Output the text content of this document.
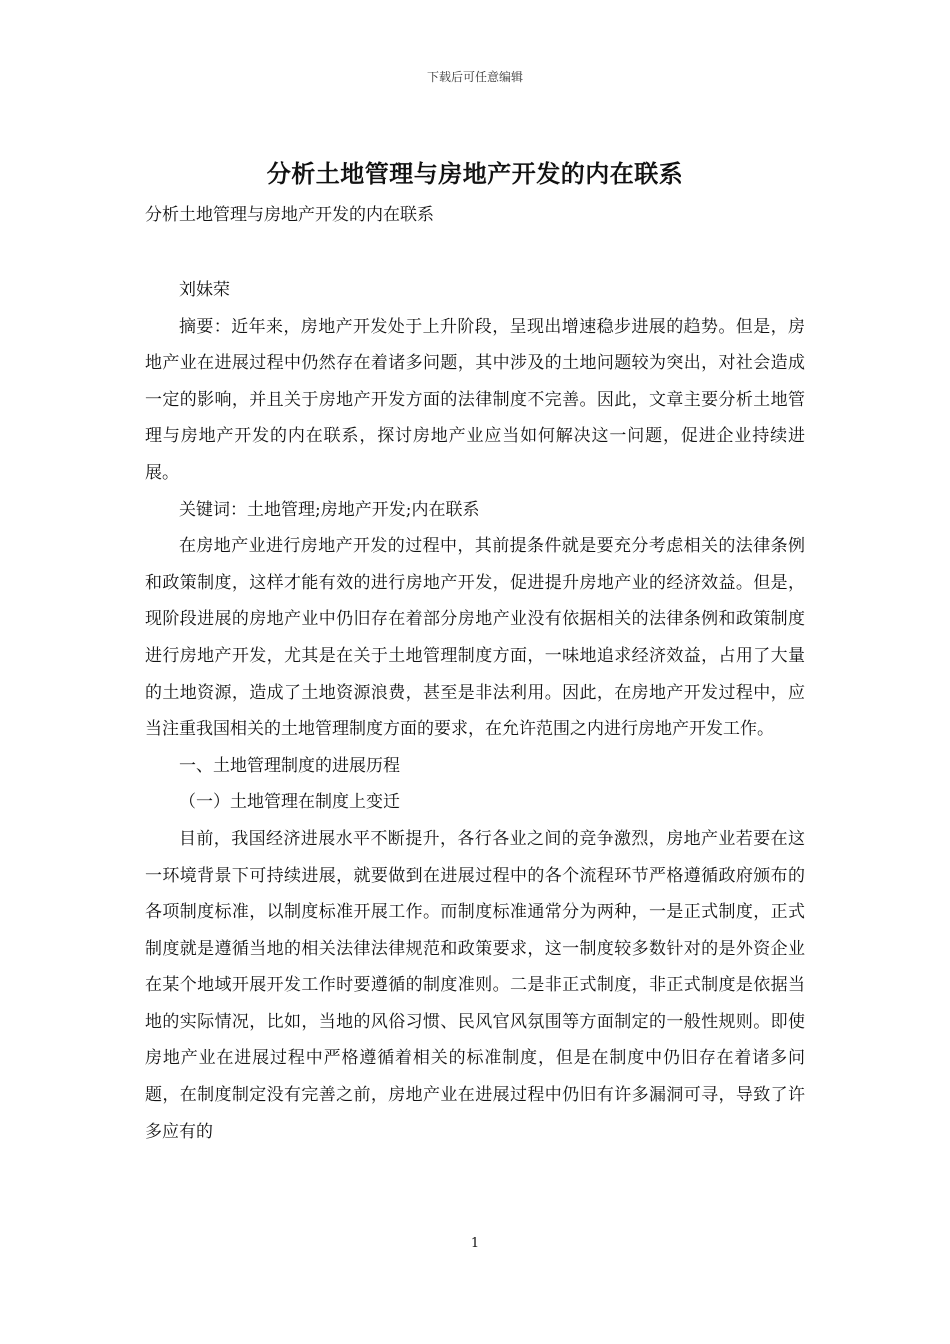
下载后可任意编辑
分析土地管理与房地产开发的内在联系
分析土地管理与房地产开发的内在联系

刘妹荣

摘要：近年来，房地产开发处于上升阶段，呈现出增速稳步进展的趋势。但是，房地产业在进展过程中仍然存在着诸多问题，其中涉及的土地问题较为突出，对社会造成一定的影响，并且关于房地产开发方面的法律制度不完善。因此，文章主要分析土地管理与房地产开发的内在联系，探讨房地产业应当如何解决这一问题，促进企业持续进展。

关键词：土地管理;房地产开发;内在联系

在房地产业进行房地产开发的过程中，其前提条件就是要充分考虑相关的法律条例和政策制度，这样才能有效的进行房地产开发，促进提升房地产业的经济效益。但是，现阶段进展的房地产业中仍旧存在着部分房地产业没有依据相关的法律条例和政策制度进行房地产开发，尤其是在关于土地管理制度方面，一味地追求经济效益，占用了大量的土地资源，造成了土地资源浪费，甚至是非法利用。因此，在房地产开发过程中，应当注重我国相关的土地管理制度方面的要求，在允许范围之内进行房地产开发工作。

一、土地管理制度的进展历程

（一）土地管理在制度上变迁

目前，我国经济进展水平不断提升，各行各业之间的竞争激烈，房地产业若要在这一环境背景下可持续进展，就要做到在进展过程中的各个流程环节严格遵循政府颁布的各项制度标准，以制度标准开展工作。而制度标准通常分为两种，一是正式制度，正式制度就是遵循当地的相关法律法律规范和政策要求，这一制度较多数针对的是外资企业在某个地域开展开发工作时要遵循的制度准则。二是非正式制度，非正式制度是依据当地的实际情况，比如，当地的风俗习惯、民风官风氛围等方面制定的一般性规则。即使房地产业在进展过程中严格遵循着相关的标准制度，但是在制度中仍旧存在着诸多问题，在制度制定没有完善之前，房地产业在进展过程中仍旧有许多漏洞可寻，导致了许多应有的

1
